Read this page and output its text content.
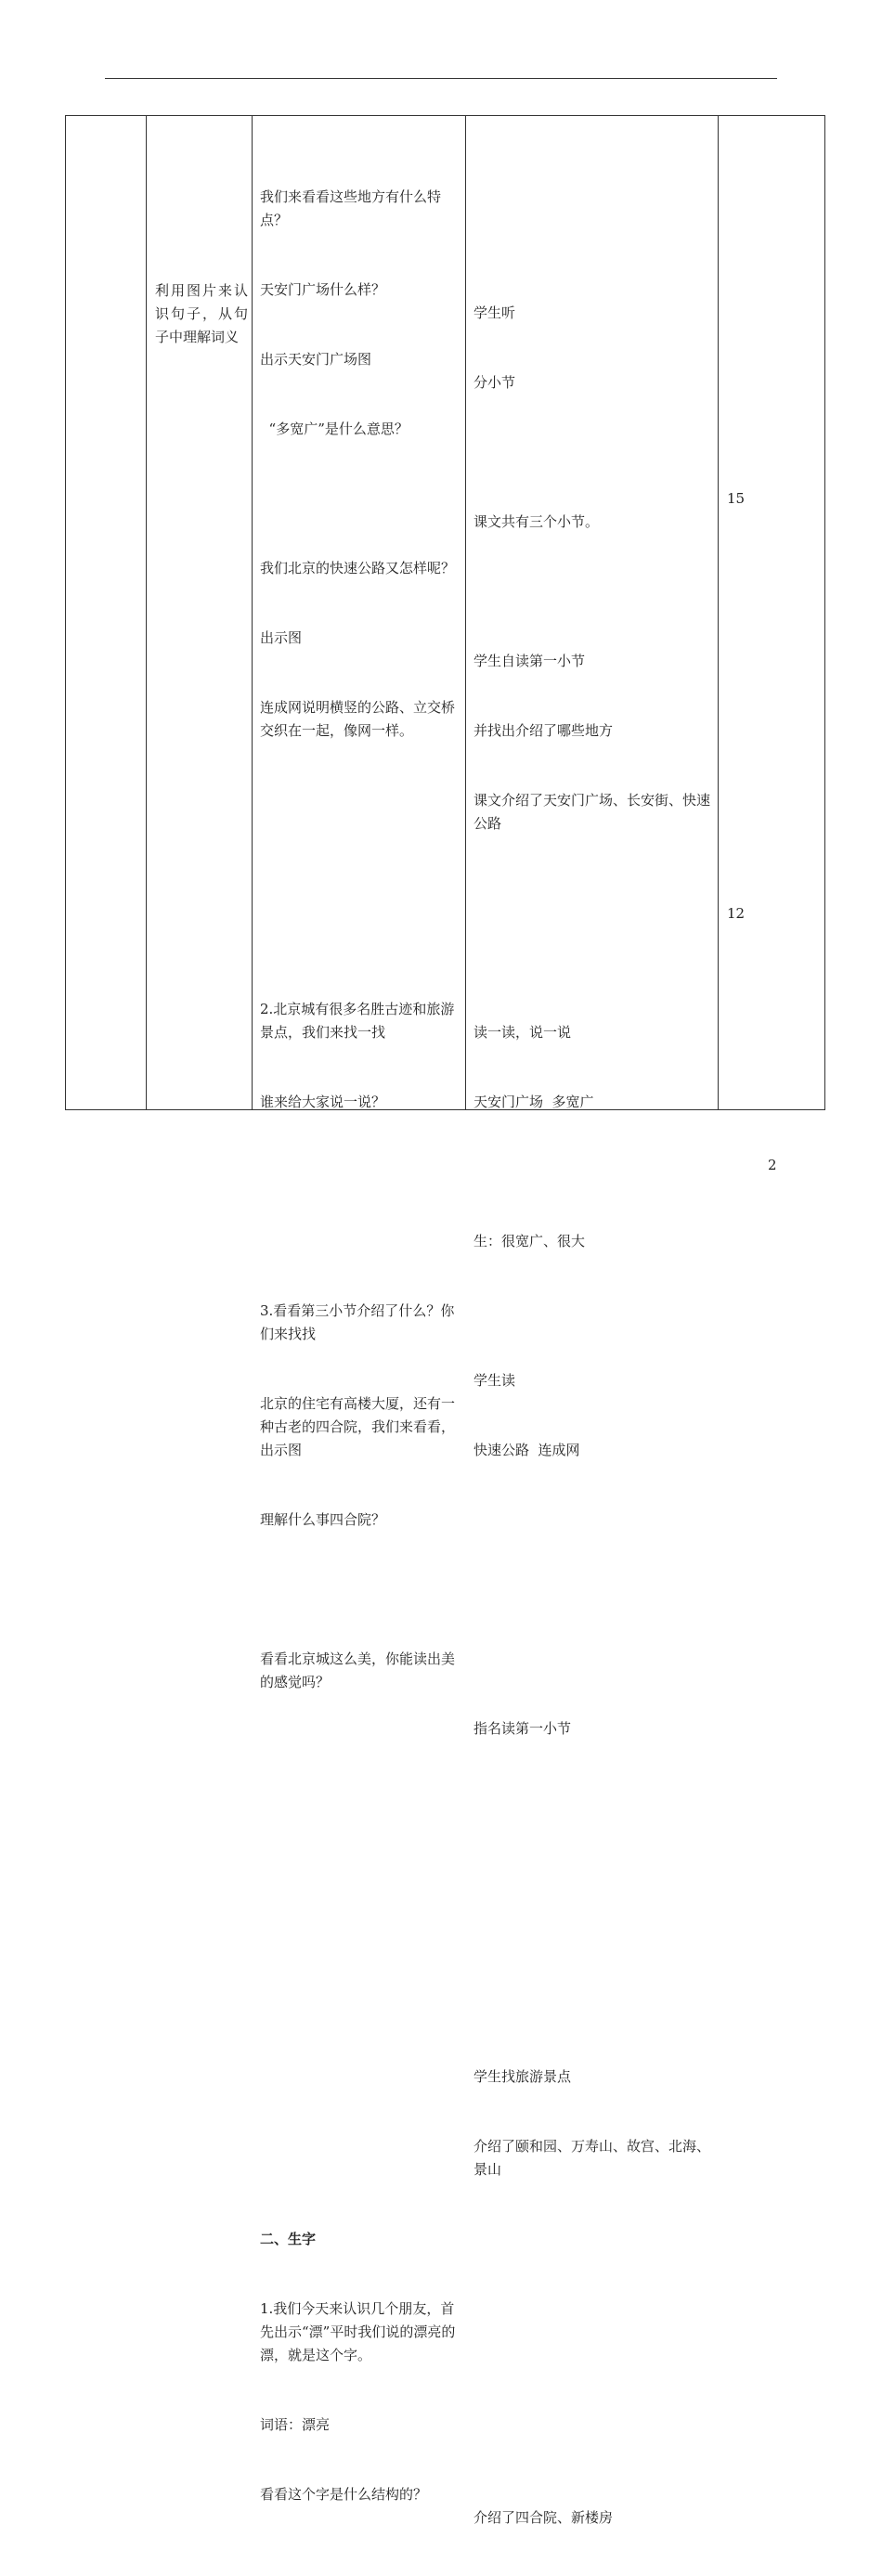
利用图片来认识句子，从句子中理解词义

我们来看看这些地方有什么特点？

天安门广场什么样？

出示天安门广场图

“多宽广”是什么意思？

我们北京的快速公路又怎样呢？

出示图

连成网说明横竖的公路、立交桥交织在一起，像网一样。

2.北京城有很多名胜古迹和旅游景点，我们来找一找

谁来给大家说一说？

3.看看第三小节介绍了什么？你们来找找

北京的住宅有高楼大厦，还有一种古老的四合院，我们来看看，出示图

理解什么事四合院？

看看北京城这么美，你能读出美的感觉吗？

二、生字

1.我们今天来认识几个朋友，首先出示“漂”平时我们说的漂亮的漂，就是这个字。

词语：漂亮

看看这个字是什么结构的？

学生听

分小节

课文共有三个小节。

学生自读第一小节

并找出介绍了哪些地方

课文介绍了天安门广场、长安街、快速公路

读一读，说一说

天安门广场  多宽广

生：很宽广、很大

学生读

快速公路  连成网

指名读第一小节

学生找旅游景点

介绍了颐和园、万寿山、故宫、北海、景山

介绍了四合院、新楼房

15
12
2
